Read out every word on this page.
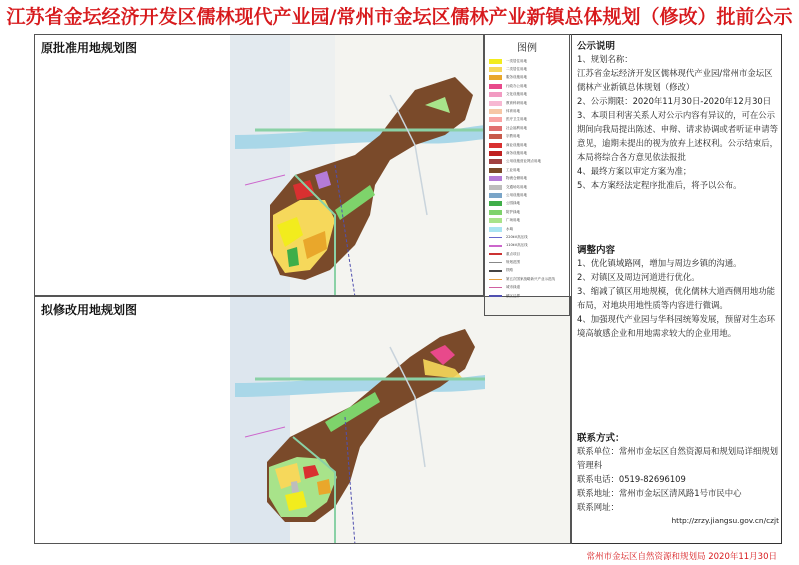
江苏省金坛经济开发区儒林现代产业园/常州市金坛区儒林产业新镇总体规划（修改）批前公示
原批准用地规划图
拟修改用地规划图
图例
一类居住用地
二类居住用地
服务设施用地
行政办公用地
文化设施用地
教育科研用地
体育用地
医疗卫生用地
社会福利用地
宗教用地
商业设施用地
商务设施用地
公用设施营业网点用地
工业用地
物流仓储用地
交通场站用地
公用设施用地
公园绿地
防护绿地
广场用地
水域
220kV高压线
110kV高压线
重点项目
规划范围
铁路
第五次国家战略新兴产业示范线
城市绿道
镇区边界
公示说明
1、规划名称：
江苏省金坛经济开发区儒林现代产业园/常州市金坛区儒林产业新镇总体规划（修改）
2、公示期限：2020年11月30日-2020年12月30日
3、本项目利害关系人对公示内容有异议的，可在公示期间向我局提出陈述、申辩、请求协调或者听证申请等意见，逾期未提出的视为放弃上述权利。公示结束后，本局将综合各方意见依法报批
4、最终方案以审定方案为准；
5、本方案经法定程序批准后，将予以公布。
调整内容
1、优化镇域路网，增加与周边乡镇的沟通。
2、对镇区及周边河道进行优化。
3、缩减了镇区用地规模，优化儒林大道西侧用地功能布局，对地块用地性质等内容进行微调。
4、加强现代产业园与华科园统筹发展，预留对生态环境高敏感企业和用地需求较大的企业用地。
联系方式：
联系单位：常州市金坛区自然资源局和规划局详细规划管理科
联系电话：0519-82696109
联系地址：常州市金坛区清风路1号市民中心
联系网址：
http://zrzy.jiangsu.gov.cn/czjt
常州市金坛区自然资源和规划局 2020年11月30日
